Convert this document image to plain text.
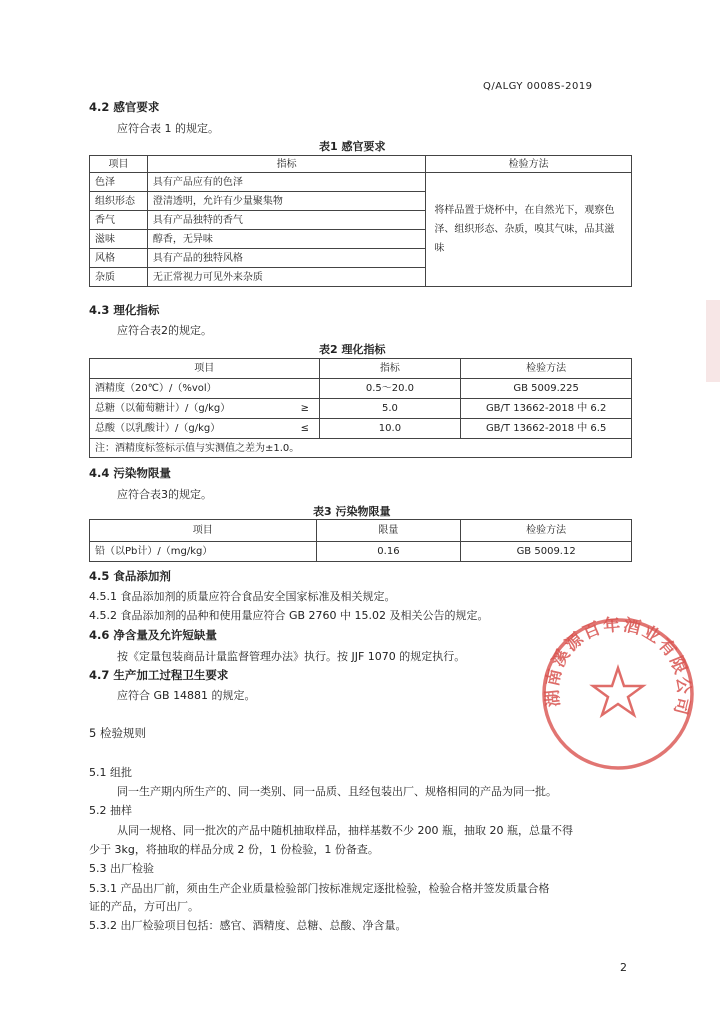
Q/ALGY 0008S-2019
4.2 感官要求
应符合表 1 的规定。
表1 感官要求
项目	指标	检验方法
色泽	具有产品应有的色泽	将样品置于烧杯中，在自然光下，观察色泽、组织形态、杂质，嗅其气味，品其滋味
组织形态	澄清透明，允许有少量聚集物	
香气	具有产品独特的香气	
滋味	醇香，无异味	
风格	具有产品的独特风格	
杂质	无正常视力可见外来杂质	
4.3 理化指标
应符合表2的规定。
表2 理化指标
项目		指标	检验方法
酒精度（20℃）/（%vol）		0.5～20.0	GB 5009.225
总糖（以葡萄糖计）/（g/kg）	≥	5.0	GB/T 13662-2018 中 6.2
总酸（以乳酸计）/（g/kg）	≤	10.0	GB/T 13662-2018 中 6.5
注：酒精度标签标示值与实测值之差为±1.0。			
4.4 污染物限量
应符合表3的规定。
表3 污染物限量
项目	限量	检验方法
铅（以Pb计）/（mg/kg）	0.16	GB 5009.12
4.5 食品添加剂
4.5.1 食品添加剂的质量应符合食品安全国家标准及相关规定。
4.5.2 食品添加剂的品种和使用量应符合 GB 2760 中 15.02 及相关公告的规定。
4.6 净含量及允许短缺量
按《定量包装商品计量监督管理办法》执行。按 JJF 1070 的规定执行。
4.7 生产加工过程卫生要求
应符合 GB 14881 的规定。
5 检验规则
5.1 组批
同一生产期内所生产的、同一类别、同一品质、且经包装出厂、规格相同的产品为同一批。
5.2 抽样
从同一规格、同一批次的产品中随机抽取样品，抽样基数不少 200 瓶，抽取 20 瓶，总量不得
少于 3kg，将抽取的样品分成 2 份，1 份检验，1 份备查。
5.3 出厂检验
5.3.1 产品出厂前，须由生产企业质量检验部门按标准规定逐批检验，检验合格并签发质量合格
证的产品，方可出厂。
5.3.2 出厂检验项目包括：感官、酒精度、总糖、总酸、净含量。
2
湖南溪源百年酒业有限公司
